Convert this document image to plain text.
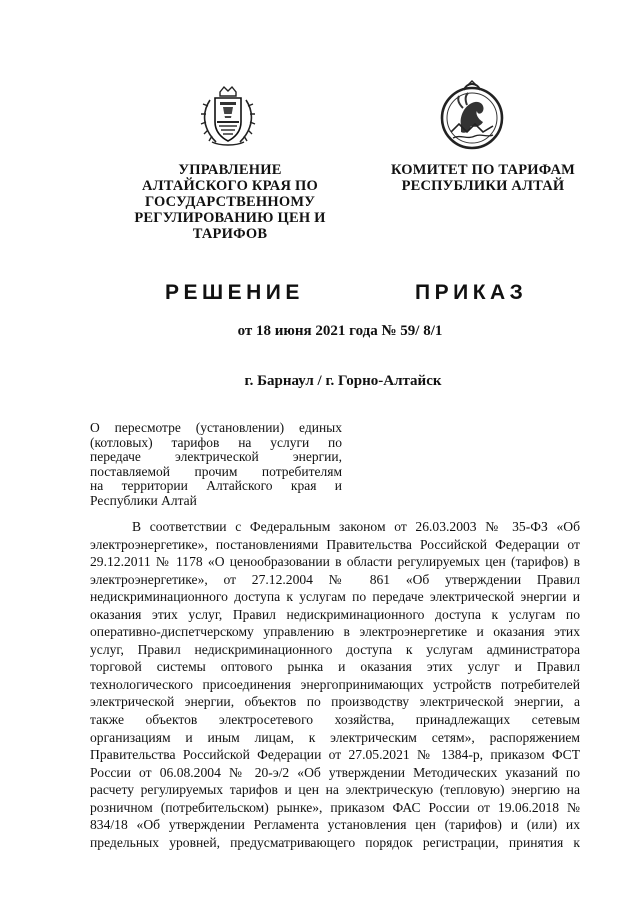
УПРАВЛЕНИЕ
АЛТАЙСКОГО КРАЯ ПО
ГОСУДАРСТВЕННОМУ
РЕГУЛИРОВАНИЮ ЦЕН И
ТАРИФОВ
КОМИТЕТ ПО ТАРИФАМ
РЕСПУБЛИКИ АЛТАЙ
РЕШЕНИЕ	ПРИКАЗ
от 18 июня 2021 года № 59/ 8/1
г. Барнаул / г. Горно-Алтайск
О пересмотре (установлении) единых
(котловых) тарифов на услуги по
передаче электрической энергии,
поставляемой прочим потребителям
на территории Алтайского края и
Республики Алтай
В соответствии с Федеральным законом от 26.03.2003 № 35-ФЗ «Об
электроэнергетике», постановлениями Правительства Российской Федерации от
29.12.2011 № 1178 «О ценообразовании в области регулируемых цен (тарифов) в
электроэнергетике», от 27.12.2004 № 861 «Об утверждении Правил
недискриминационного доступа к услугам по передаче электрической энергии и
оказания этих услуг, Правил недискриминационного доступа к услугам по
оперативно-диспетчерскому управлению в электроэнергетике и оказания этих
услуг, Правил недискриминационного доступа к услугам администратора
торговой системы оптового рынка и оказания этих услуг и Правил
технологического присоединения энергопринимающих устройств потребителей
электрической энергии, объектов по производству электрической энергии, а
также объектов электросетевого хозяйства, принадлежащих сетевым
организациям и иным лицам, к электрическим сетям», распоряжением
Правительства Российской Федерации от 27.05.2021 № 1384-р, приказом ФСТ
России от 06.08.2004 № 20-э/2 «Об утверждении Методических указаний по
расчету регулируемых тарифов и цен на электрическую (тепловую) энергию на
розничном (потребительском) рынке», приказом ФАС России от 19.06.2018 №
834/18 «Об утверждении Регламента установления цен (тарифов) и (или) их
предельных уровней, предусматривающего порядок регистрации, принятия к
